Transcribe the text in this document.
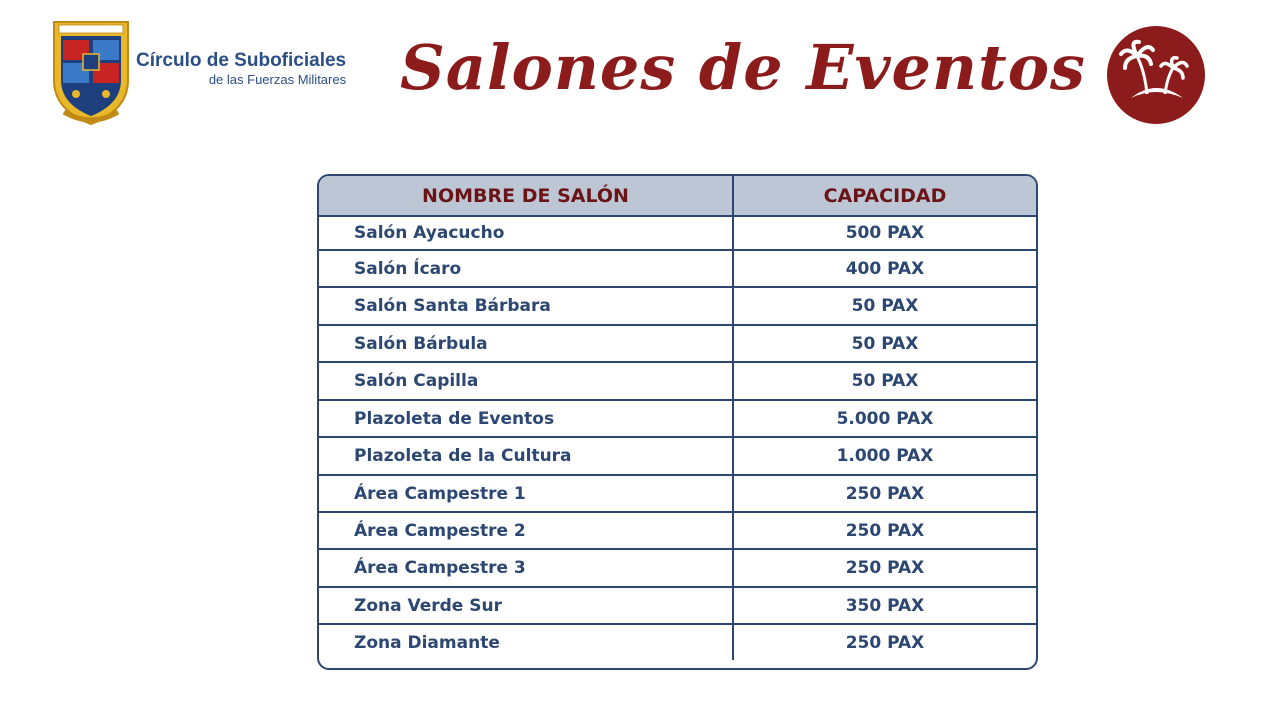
Círculo de Suboficiales
de las Fuerzas Militares Salones de Eventos
NOMBRE DE SALÓN	CAPACIDAD
Salón Ayacucho	500 PAX
Salón Ícaro	400 PAX
Salón Santa Bárbara	50 PAX
Salón Bárbula	50 PAX
Salón Capilla	50 PAX
Plazoleta de Eventos	5.000 PAX
Plazoleta de la Cultura	1.000 PAX
Área Campestre 1	250 PAX
Área Campestre 2	250 PAX
Área Campestre 3	250 PAX
Zona Verde Sur	350 PAX
Zona Diamante	250 PAX
